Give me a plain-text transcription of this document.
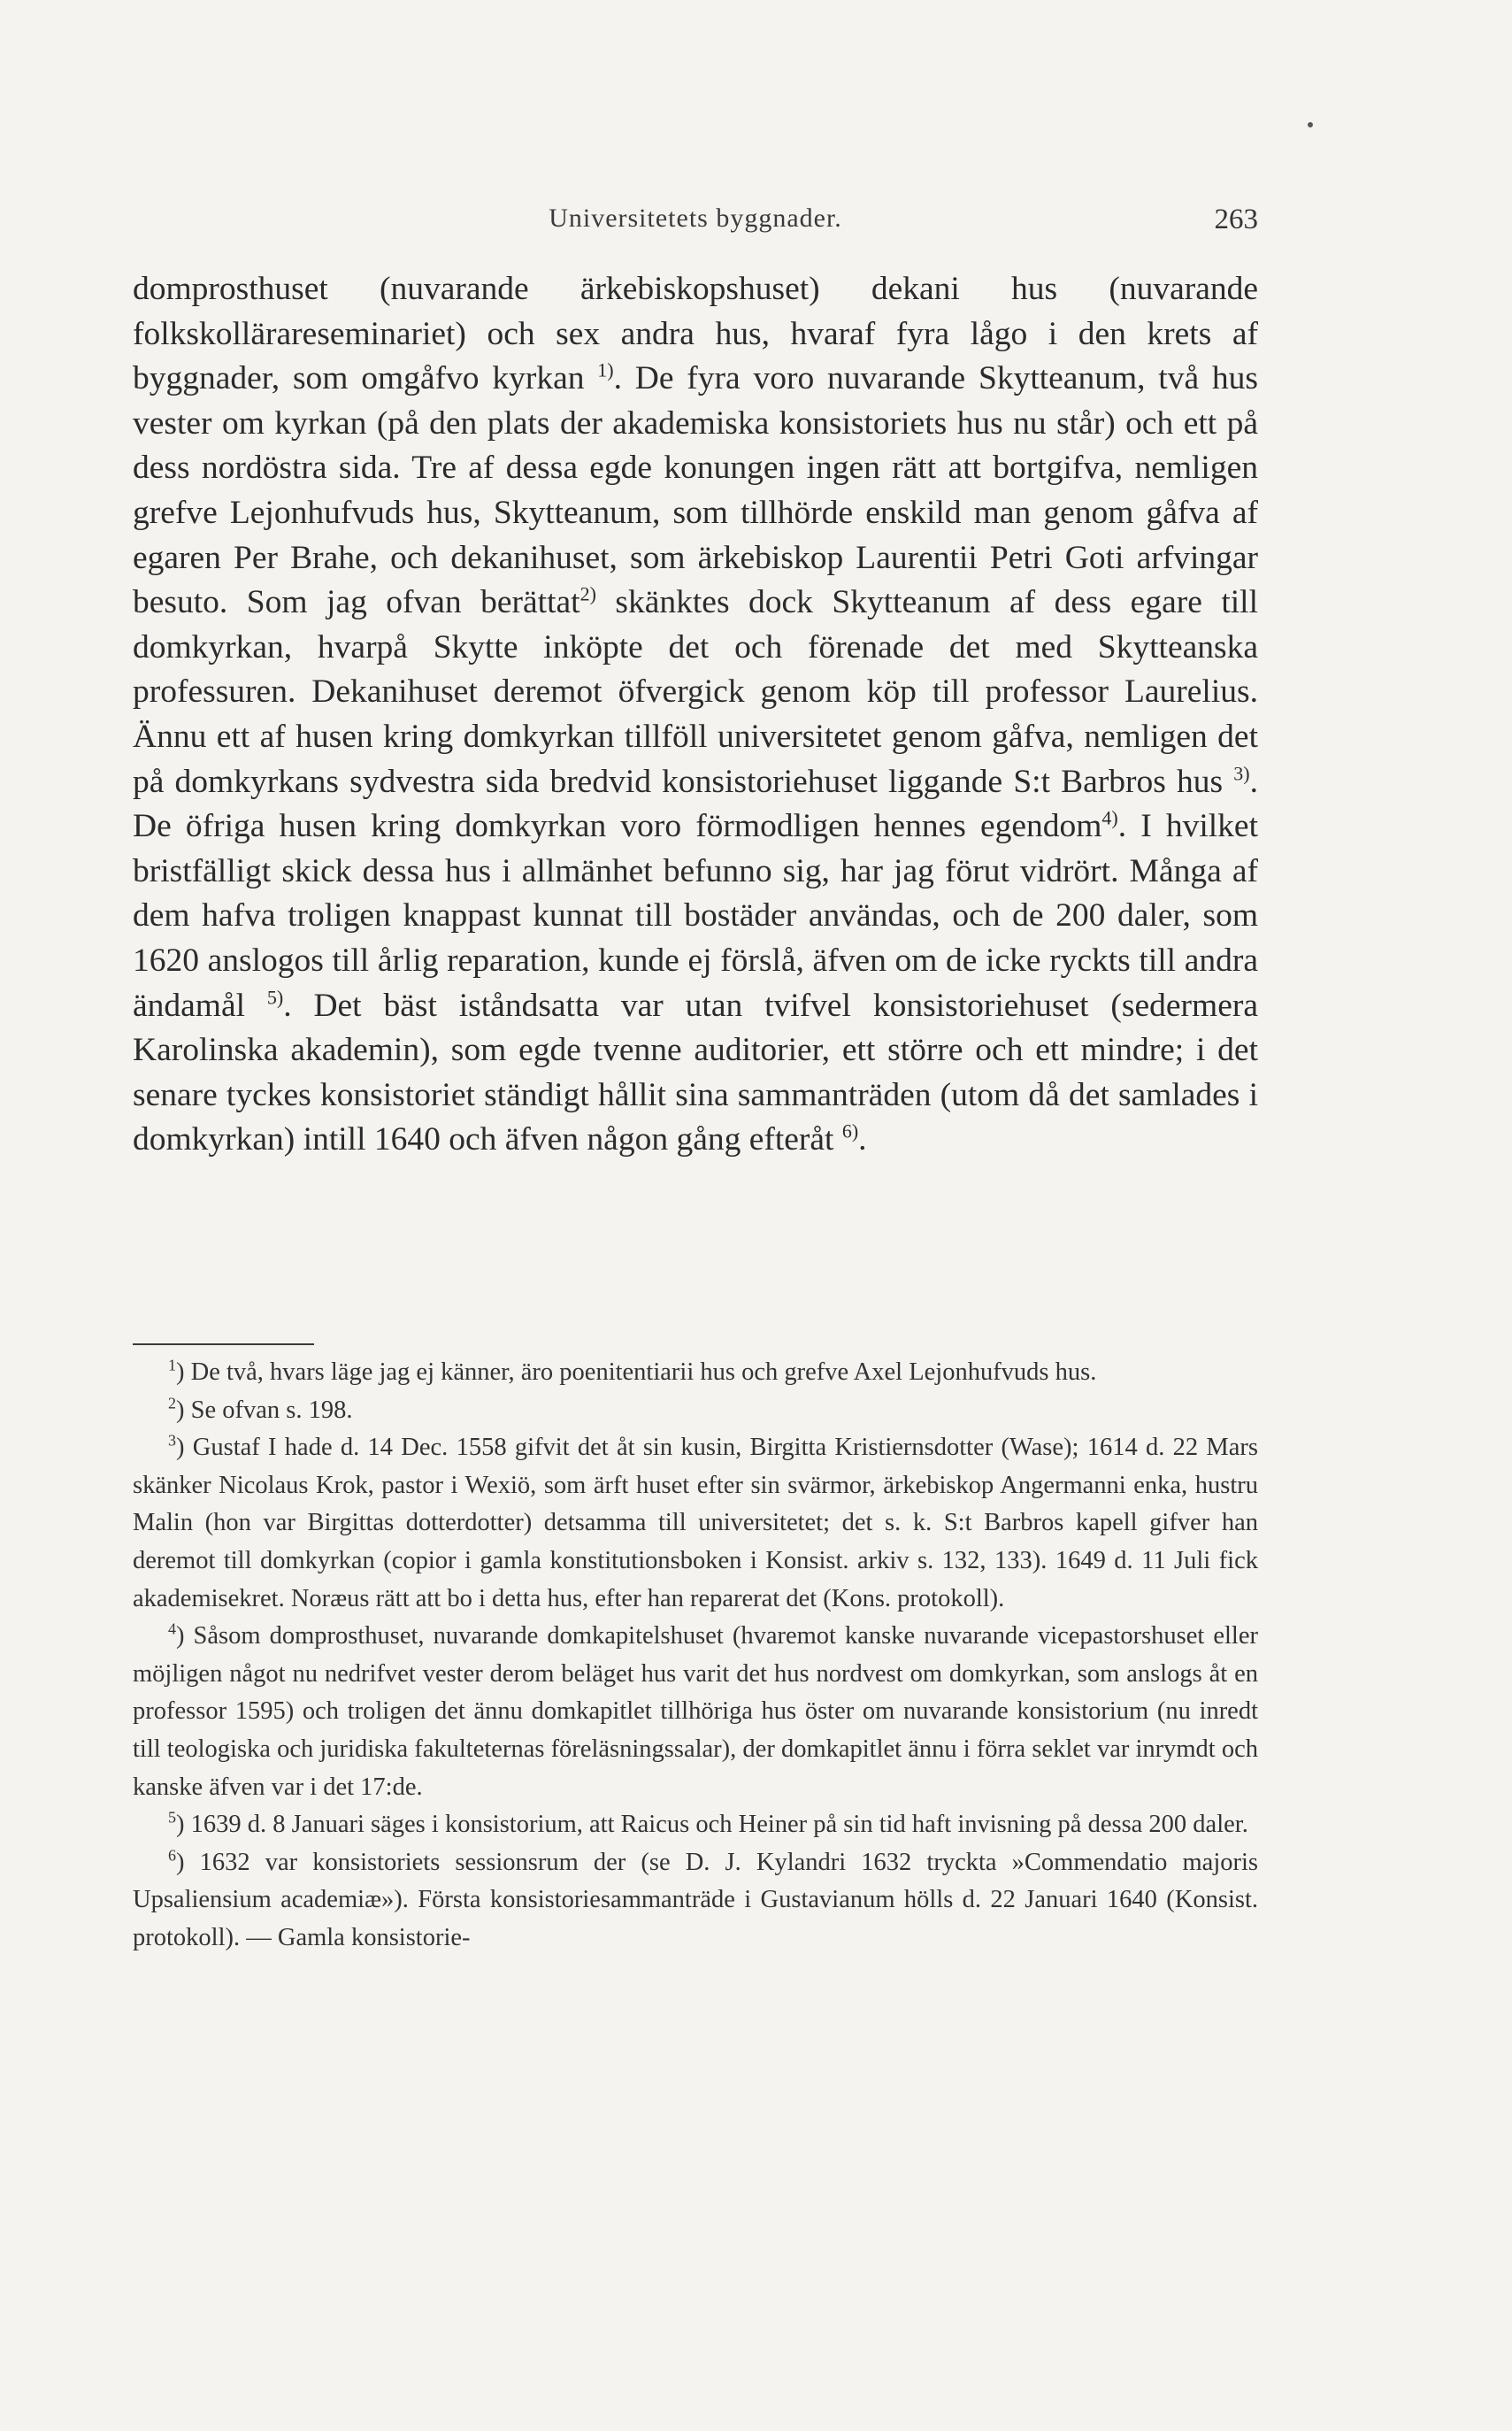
Universitetets byggnader.	263

domprosthuset (nuvarande ärkebiskopshuset) dekani hus (nuvarande folkskollärareseminariet) och sex andra hus, hvaraf fyra lågo i den krets af byggnader, som omgåfvo kyrkan $^{1)}$. De fyra voro nuvarande Skytteanum, två hus vester om kyrkan (på den plats der akademiska konsistoriets hus nu står) och ett på dess nordöstra sida. Tre af dessa egde konungen ingen rätt att bortgifva, nemligen grefve Lejonhufvuds hus, Skytteanum, som tillhörde enskild man genom gåfva af egaren Per Brahe, och dekanihuset, som ärkebiskop Laurentii Petri Goti arfvingar besuto. Som jag ofvan berättat$^{2)}$ skänktes dock Skytteanum af dess egare till domkyrkan, hvarpå Skytte inköpte det och förenade det med Skytteanska professuren. Dekanihuset deremot öfvergick genom köp till professor Laurelius. Ännu ett af husen kring domkyrkan tillföll universitetet genom gåfva, nemligen det på domkyrkans sydvestra sida bredvid konsistoriehuset liggande S:t Barbros hus $^{3)}$. De öfriga husen kring domkyrkan voro förmodligen hennes egendom$^{4)}$. I hvilket bristfälligt skick dessa hus i allmänhet befunno sig, har jag förut vidrört. Många af dem hafva troligen knappast kunnat till bostäder användas, och de 200 daler, som 1620 anslogos till årlig reparation, kunde ej förslå, äfven om de icke ryckts till andra ändamål $^{5)}$. Det bäst iståndsatta var utan tvifvel konsistoriehuset (sedermera Karolinska akademin), som egde tvenne auditorier, ett större och ett mindre; i det senare tyckes konsistoriet ständigt hållit sina sammanträden (utom då det samlades i domkyrkan) intill 1640 och äfven någon gång efteråt $^{6)}$.

$^1$) De två, hvars läge jag ej känner, äro poenitentiarii hus och grefve Axel Lejonhufvuds hus.

$^2$) Se ofvan s. 198.

$^3$) Gustaf I hade d. 14 Dec. 1558 gifvit det åt sin kusin, Birgitta Kristiernsdotter (Wase); 1614 d. 22 Mars skänker Nicolaus Krok, pastor i Wexiö, som ärft huset efter sin svärmor, ärkebiskop Angermanni enka, hustru Malin (hon var Birgittas dotterdotter) detsamma till universitetet; det s. k. S:t Barbros kapell gifver han deremot till domkyrkan (copior i gamla konstitutionsboken i Konsist. arkiv s. 132, 133). 1649 d. 11 Juli fick akademisekret. Noræus rätt att bo i detta hus, efter han reparerat det (Kons. protokoll).

$^4$) Såsom domprosthuset, nuvarande domkapitelshuset (hvaremot kanske nuvarande vicepastorshuset eller möjligen något nu nedrifvet vester derom beläget hus varit det hus nordvest om domkyrkan, som anslogs åt en professor 1595) och troligen det ännu domkapitlet tillhöriga hus öster om nuvarande konsistorium (nu inredt till teologiska och juridiska fakulteternas föreläsningssalar), der domkapitlet ännu i förra seklet var inrymdt och kanske äfven var i det 17:de.

$^5$) 1639 d. 8 Januari säges i konsistorium, att Raicus och Heiner på sin tid haft invisning på dessa 200 daler.

$^6$) 1632 var konsistoriets sessionsrum der (se D. J. Kylandri 1632 tryckta »Commendatio majoris Upsaliensium academiæ»). Första konsistoriesammanträde i Gustavianum hölls d. 22 Januari 1640 (Konsist. protokoll). — Gamla konsistorie-
